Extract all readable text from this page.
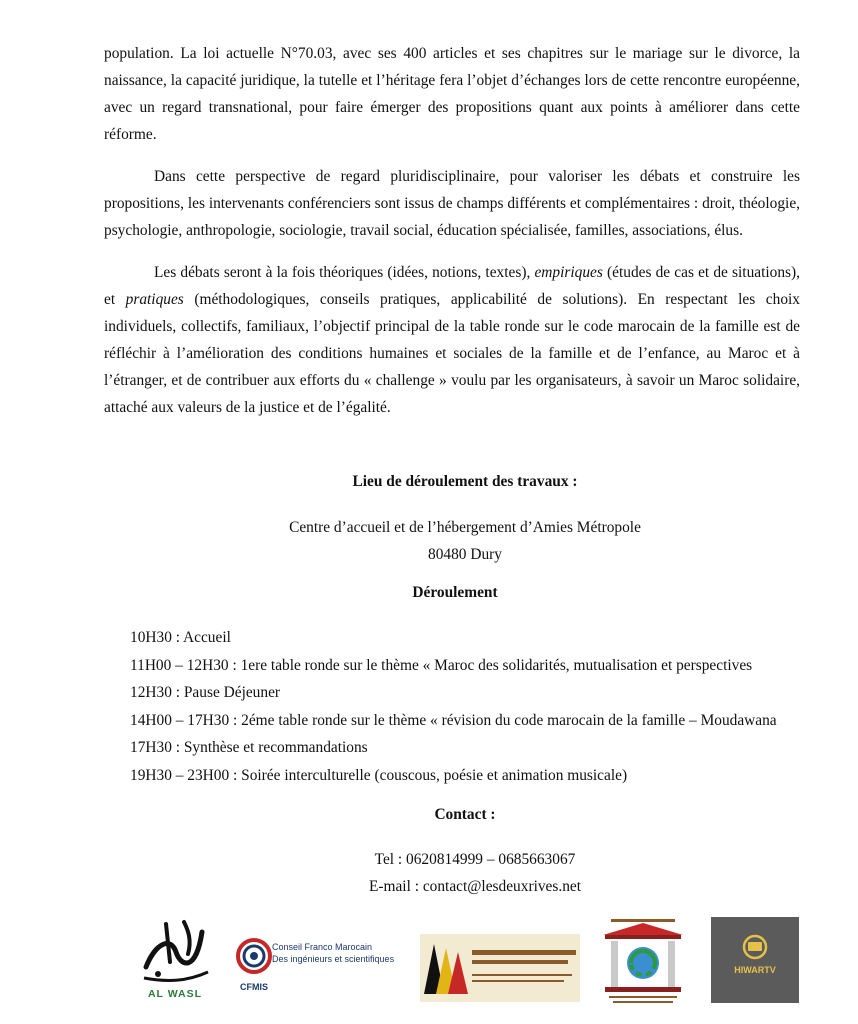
population. La loi actuelle N°70.03, avec ses 400 articles et ses chapitres sur le mariage sur le divorce, la naissance, la capacité juridique, la tutelle et l’héritage fera l’objet d’échanges lors de cette rencontre européenne, avec un regard transnational, pour faire émerger des propositions quant aux points à améliorer dans cette réforme.

Dans cette perspective de regard pluridisciplinaire, pour valoriser les débats et construire les propositions, les intervenants conférenciers sont issus de champs différents et complémentaires : droit, théologie, psychologie, anthropologie, sociologie, travail social, éducation spécialisée, familles, associations, élus.

Les débats seront à la fois théoriques (idées, notions, textes), empiriques (études de cas et de situations), et pratiques (méthodologiques, conseils pratiques, applicabilité de solutions). En respectant les choix individuels, collectifs, familiaux, l’objectif principal de la table ronde sur le code marocain de la famille est de réfléchir à l’amélioration des conditions humaines et sociales de la famille et de l’enfance, au Maroc et à l’étranger, et de contribuer aux efforts du « challenge » voulu par les organisateurs, à savoir un Maroc solidaire, attaché aux valeurs de la justice et de l’égalité.

Lieu de déroulement des travaux :
Centre d’accueil et de l’hébergement d’Amies Métropole
80480 Dury
Déroulement
10H30 : Accueil
11H00 – 12H30 : 1ere table ronde sur le thème « Maroc des solidarités, mutualisation et perspectives
12H30 : Pause Déjeuner
14H00 – 17H30 : 2éme table ronde sur le thème « révision du code marocain de la famille – Moudawana
17H30 : Synthèse et recommandations
19H30 – 23H00 : Soirée interculturelle (couscous, poésie et animation musicale)
Contact :
Tel : 0620814999 – 0685663067
E-mail : contact@lesdeuxrives.net
AL WASL
Conseil Franco Marocain
Des ingénieurs et scientifiques
CFMIS
HIWARTV
